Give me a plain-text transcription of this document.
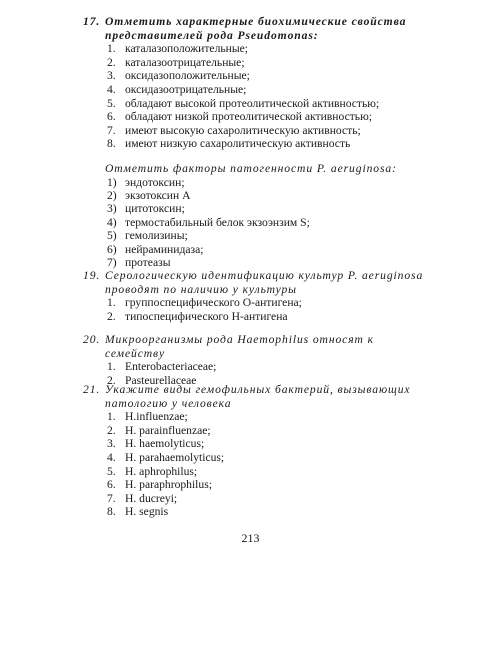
17. Отметить характерные биохимические свойства представителей рода Pseudomonas:
1. каталазоположительные;
2. каталазоотрицательные;
3. оксидазоположительные;
4. оксидазоотрицательные;
5. обладают высокой протеолитической активностью;
6. обладают низкой протеолитической активностью;
7. имеют высокую сахаролитическую активность;
8. имеют низкую сахаролитическую активность
Отметить факторы патогенности P. aeruginosa:
1) эндотоксин;
2) экзотоксин А
3) цитотоксин;
4) термостабильный белок экзоэнзим S;
5) гемолизины;
6) нейраминидаза;
7) протеазы
19. Серологическую идентификацию культур P. aeruginosa проводят по наличию у культуры
1. группоспецифического О-антигена;
2. типоспецифического Н-антигена
20. Микроорганизмы рода Haemophilus относят к семейству
1. Enterobacteriaceae;
2. Pasteurellaceae
21. Укажите виды гемофильных бактерий, вызывающих патологию у человека
1. H.influenzae;
2. H. parainfluenzae;
3. H. haemolyticus;
4. H. parahaemolyticus;
5. H. aphrophilus;
6. H. paraphrophilus;
7. H. ducreyi;
8. H. segnis
213
